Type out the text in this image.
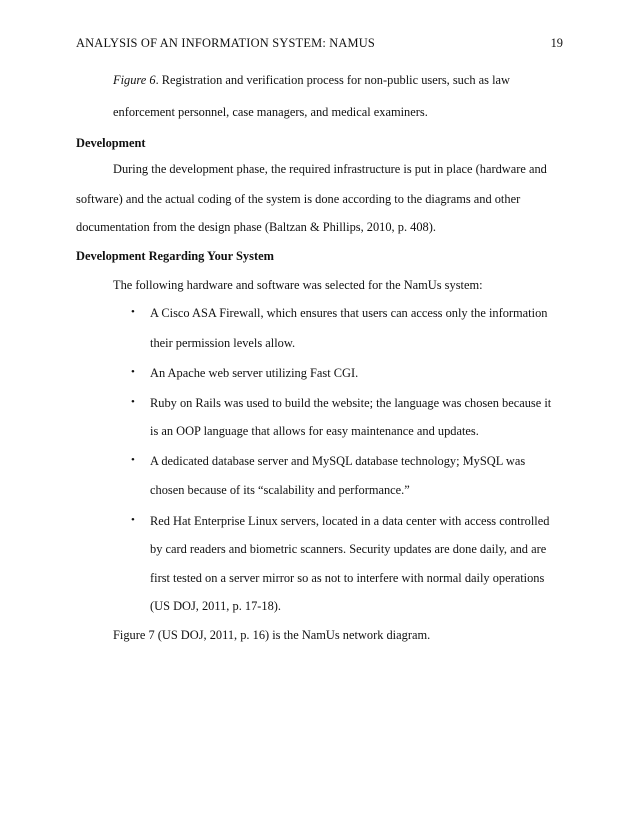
ANALYSIS OF AN INFORMATION SYSTEM: NAMUS	19
Figure 6. Registration and verification process for non-public users, such as law
enforcement personnel, case managers, and medical examiners.
Development
During the development phase, the required infrastructure is put in place (hardware and
software) and the actual coding of the system is done according to the diagrams and other
documentation from the design phase (Baltzan & Phillips, 2010, p. 408).
Development Regarding Your System
The following hardware and software was selected for the NamUs system:
• A Cisco ASA Firewall, which ensures that users can access only the information
their permission levels allow.
• An Apache web server utilizing Fast CGI.
• Ruby on Rails was used to build the website; the language was chosen because it
is an OOP language that allows for easy maintenance and updates.
• A dedicated database server and MySQL database technology; MySQL was
chosen because of its “scalability and performance.”
• Red Hat Enterprise Linux servers, located in a data center with access controlled
by card readers and biometric scanners. Security updates are done daily, and are
first tested on a server mirror so as not to interfere with normal daily operations
(US DOJ, 2011, p. 17-18).
Figure 7 (US DOJ, 2011, p. 16) is the NamUs network diagram.
